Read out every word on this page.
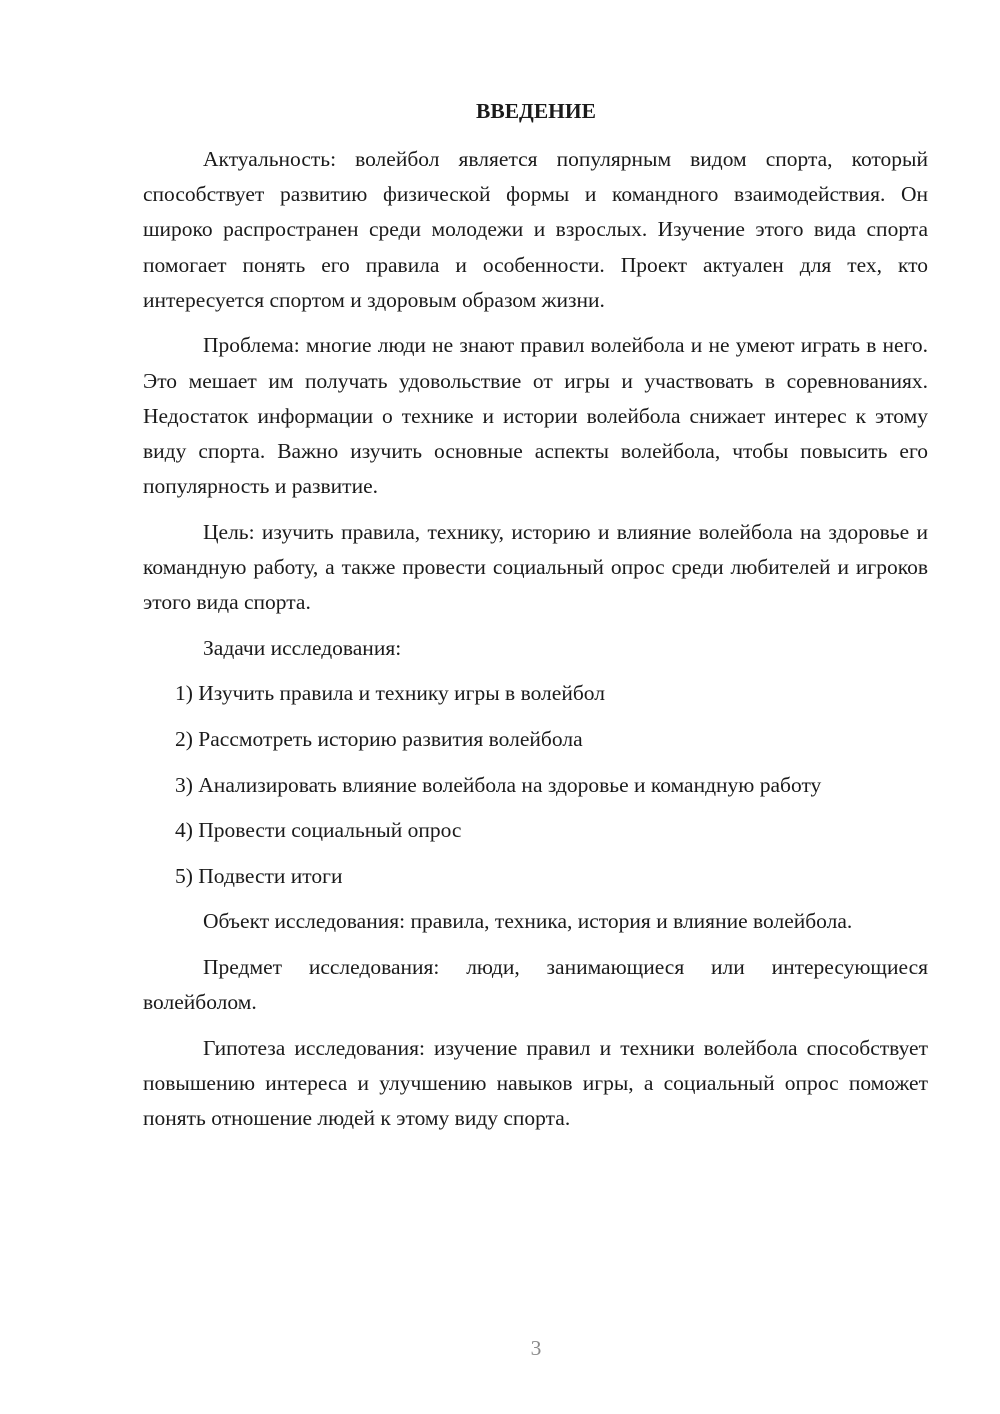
ВВЕДЕНИЕ

Актуальность: волейбол является популярным видом спорта, который способствует развитию физической формы и командного взаимодействия. Он широко распространен среди молодежи и взрослых. Изучение этого вида спорта помогает понять его правила и особенности. Проект актуален для тех, кто интересуется спортом и здоровым образом жизни.

Проблема: многие люди не знают правил волейбола и не умеют играть в него. Это мешает им получать удовольствие от игры и участвовать в соревнованиях. Недостаток информации о технике и истории волейбола снижает интерес к этому виду спорта. Важно изучить основные аспекты волейбола, чтобы повысить его популярность и развитие.

Цель: изучить правила, технику, историю и влияние волейбола на здоровье и командную работу, а также провести социальный опрос среди любителей и игроков этого вида спорта.

Задачи исследования:

1) Изучить правила и технику игры в волейбол

2) Рассмотреть историю развития волейбола

3) Анализировать влияние волейбола на здоровье и командную работу

4) Провести социальный опрос

5) Подвести итоги

Объект исследования: правила, техника, история и влияние волейбола.

Предмет исследования: люди, занимающиеся или интересующиеся волейболом.

Гипотеза исследования: изучение правил и техники волейбола способствует повышению интереса и улучшению навыков игры, а социальный опрос поможет понять отношение людей к этому виду спорта.

3
